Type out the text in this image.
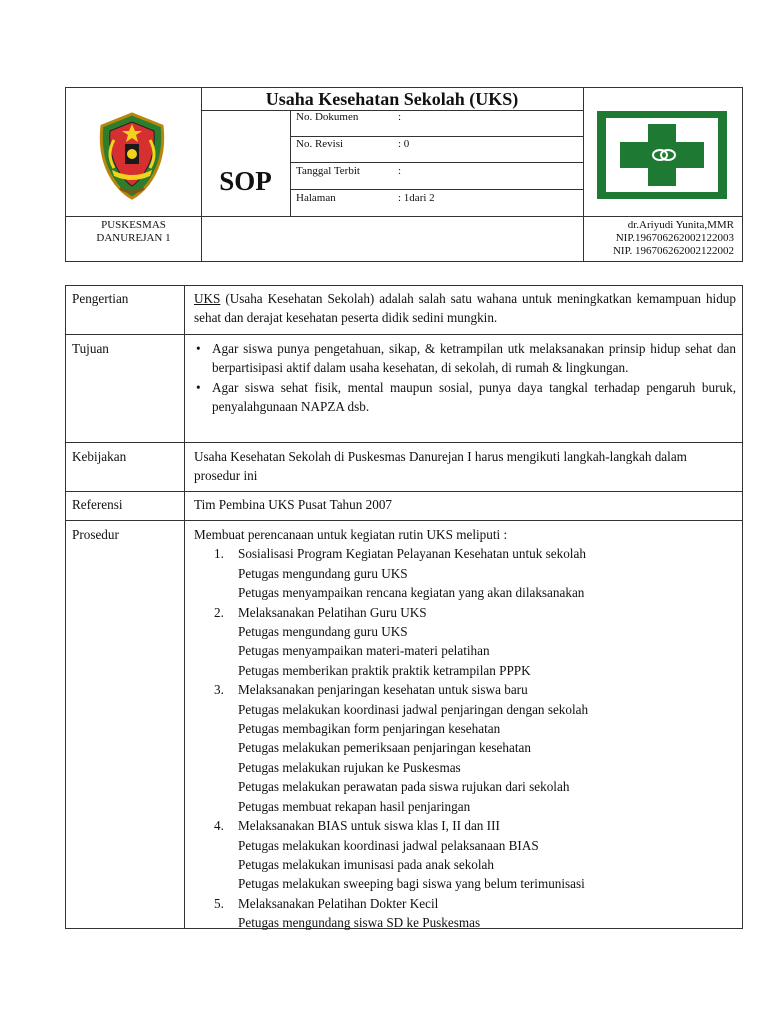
Usaha Kesehatan Sekolah (UKS)
SOP
No. Dokumen	:
No. Revisi	: 0
Tanggal Terbit	:
Halaman	: 1dari 2
PUSKESMAS
DANUREJAN 1
dr.Ariyudi Yunita,MMR
NIP.196706262002122003
NIP. 196706262002122002
Pengertian	UKS (Usaha Kesehatan Sekolah) adalah salah satu wahana untuk meningkatkan kemampuan hidup sehat dan derajat kesehatan peserta didik sedini mungkin.
Tujuan
•	Agar siswa punya pengetahuan, sikap, & ketrampilan utk melaksanakan prinsip hidup sehat dan berpartisipasi aktif dalam usaha kesehatan, di sekolah, di rumah & lingkungan.
• Agar siswa sehat fisik, mental maupun sosial, punya daya tangkal terhadap pengaruh buruk, penyalahgunaan NAPZA dsb.
Kebijakan	Usaha Kesehatan Sekolah di Puskesmas Danurejan I harus mengikuti langkah-langkah dalam prosedur ini
Referensi	Tim Pembina UKS Pusat Tahun 2007
Prosedur	Membuat perencanaan untuk kegiatan rutin UKS meliputi :
Sosialisasi Program Kegiatan Pelayanan Kesehatan untuk sekolah
Petugas mengundang guru UKS
Petugas menyampaikan rencana kegiatan yang akan dilaksanakan
Melaksanakan Pelatihan Guru UKS
Petugas mengundang guru UKS
Petugas menyampaikan materi-materi pelatihan
Petugas memberikan praktik praktik ketrampilan PPPK
Melaksanakan penjaringan kesehatan untuk siswa baru
Petugas melakukan koordinasi jadwal penjaringan dengan sekolah
Petugas membagikan form penjaringan kesehatan
Petugas melakukan pemeriksaan penjaringan kesehatan
Petugas melakukan rujukan ke Puskesmas
Petugas melakukan perawatan pada siswa rujukan dari sekolah
Petugas membuat rekapan hasil penjaringan
Melaksanakan BIAS untuk siswa klas I, II dan III
Petugas melakukan koordinasi jadwal pelaksanaan BIAS
Petugas melakukan imunisasi pada anak sekolah
Petugas melakukan sweeping bagi siswa yang belum terimunisasi
Melaksanakan Pelatihan Dokter Kecil
Petugas mengundang siswa SD ke Puskesmas
